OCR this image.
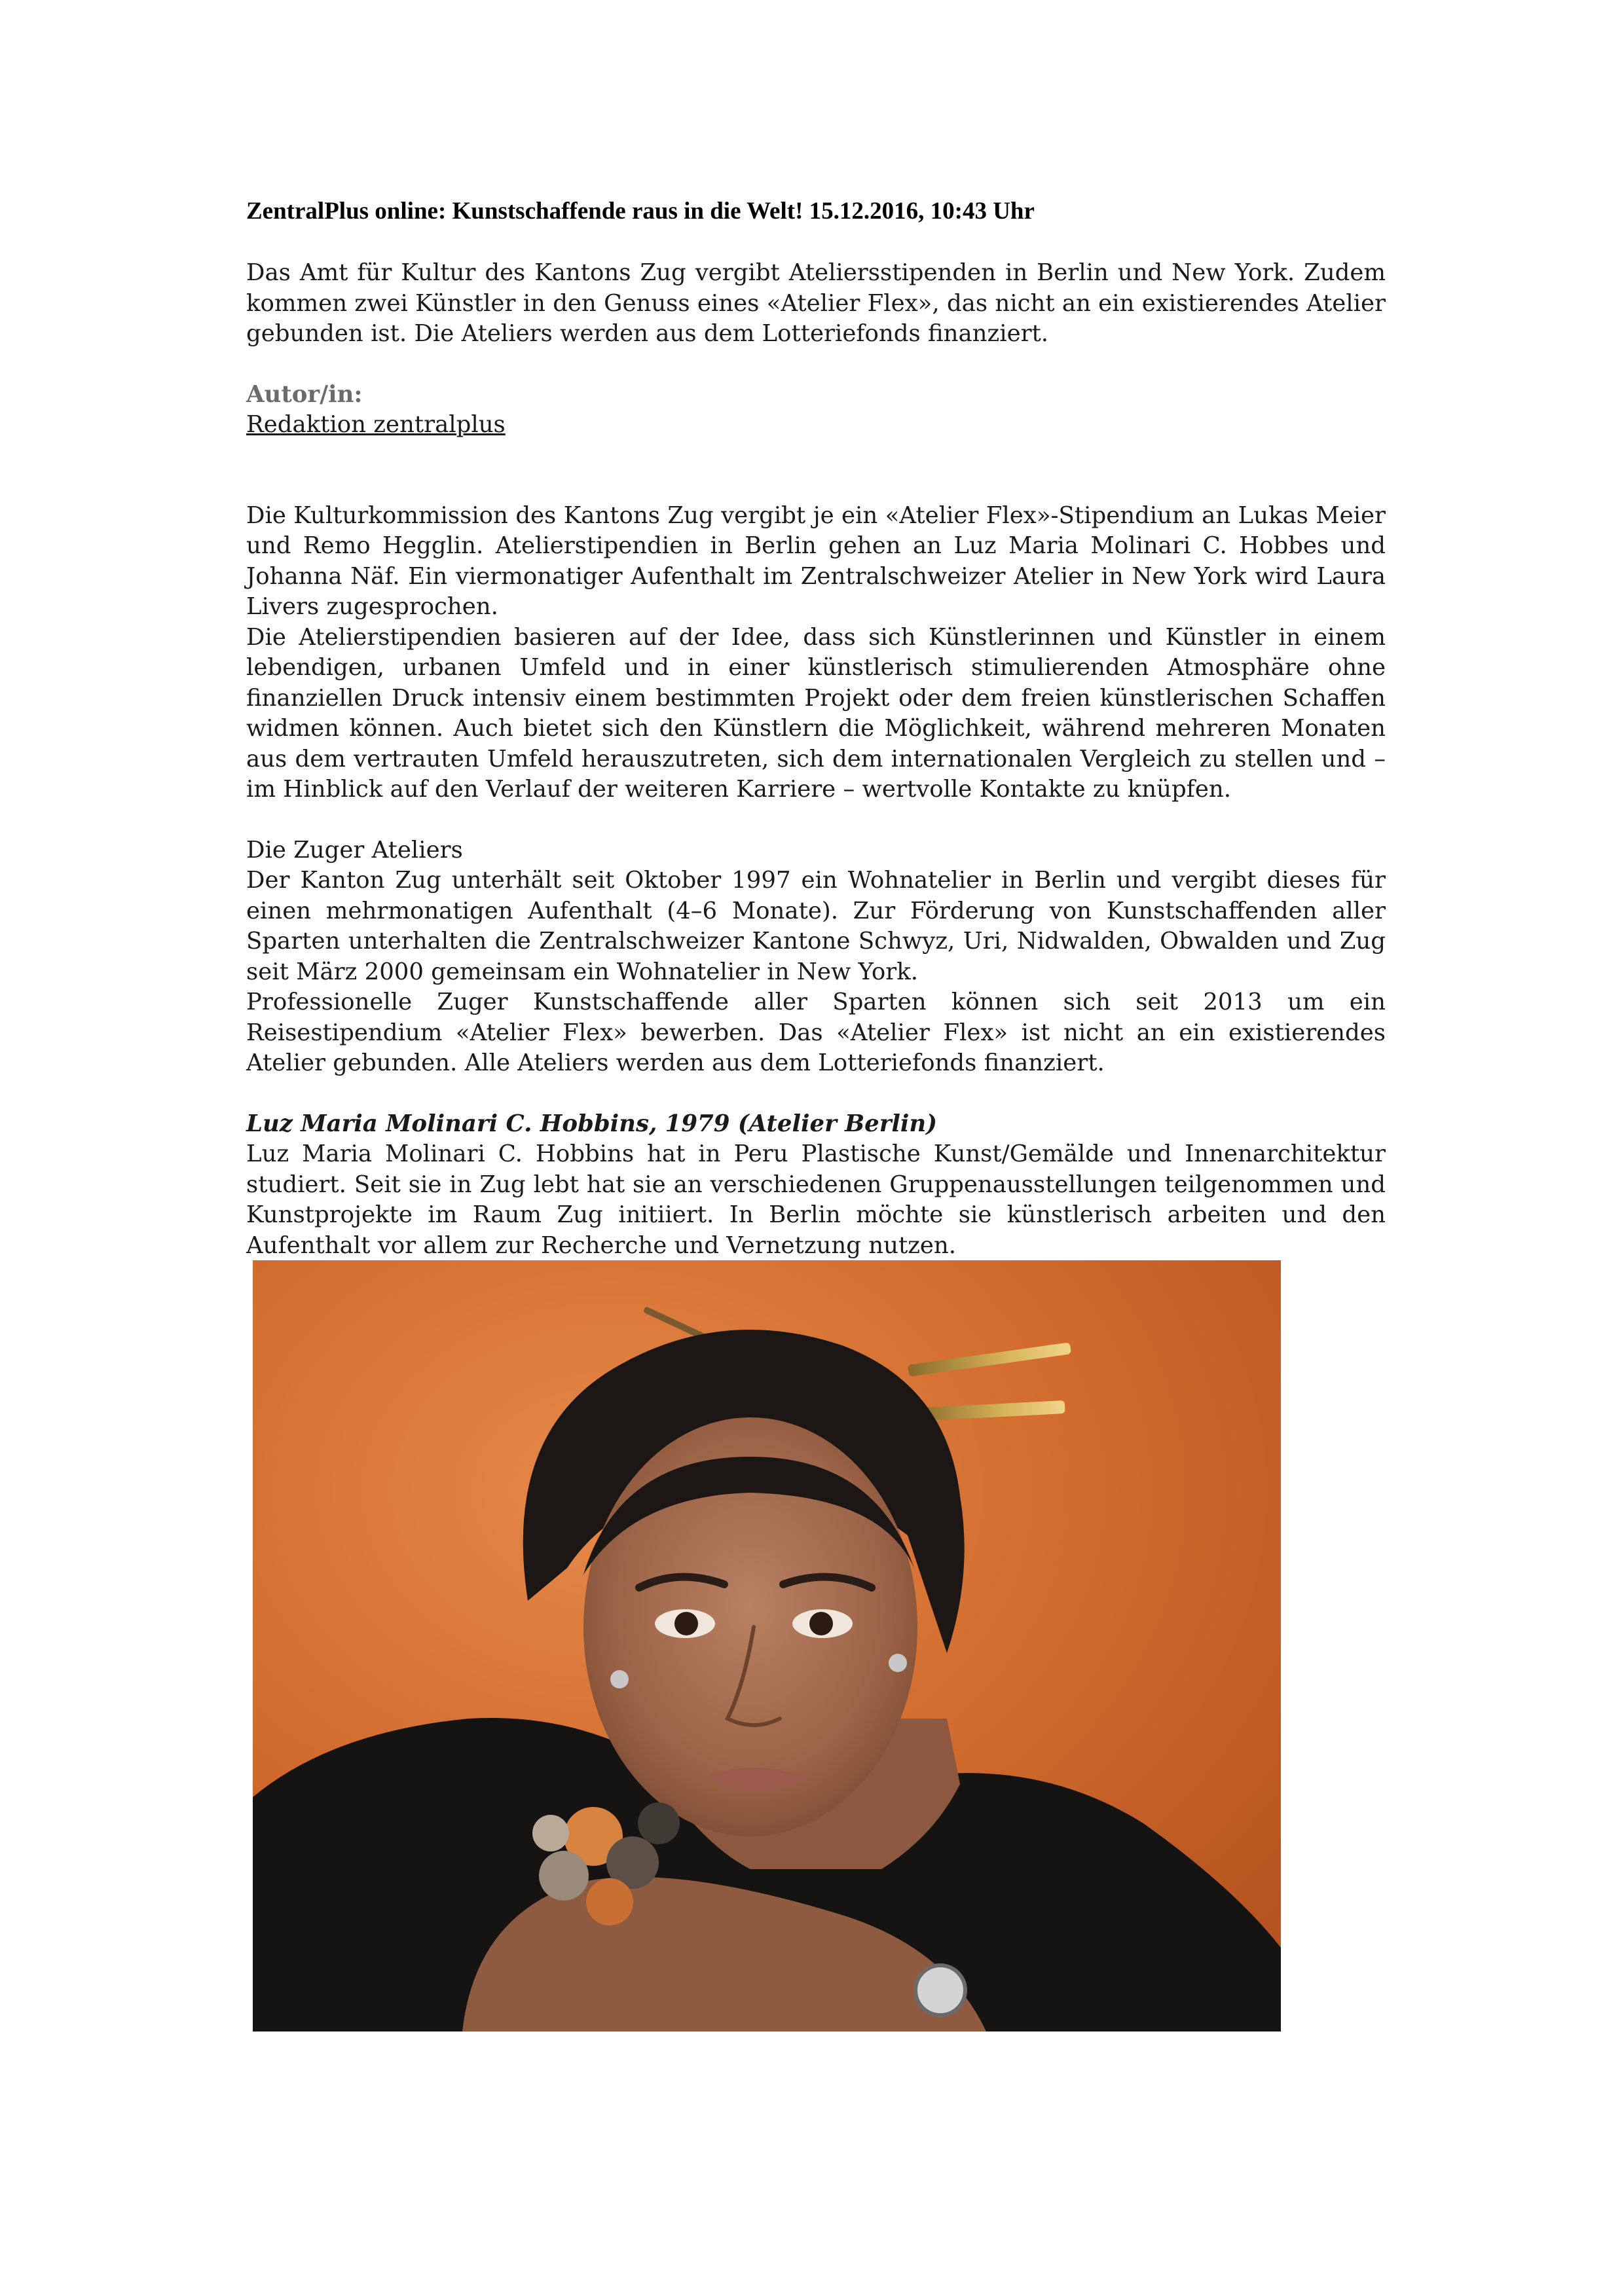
ZentralPlus online: Kunstschaffende raus in die Welt! 15.12.2016, 10:43 Uhr

Das Amt für Kultur des Kantons Zug vergibt Ateliersstipenden in Berlin und New York. Zudem kommen zwei Künstler in den Genuss eines «Atelier Flex», das nicht an ein existierendes Atelier gebunden ist. Die Ateliers werden aus dem Lotteriefonds finanziert.

Autor/in:
Redaktion zentralplus

Die Kulturkommission des Kantons Zug vergibt je ein «Atelier Flex»-Stipendium an Lukas Meier und Remo Hegglin. Atelierstipendien in Berlin gehen an Luz Maria Molinari C. Hobbes und Johanna Näf. Ein viermonatiger Aufenthalt im Zentralschweizer Atelier in New York wird Laura Livers zugesprochen.

Die Atelierstipendien basieren auf der Idee, dass sich Künstlerinnen und Künstler in einem lebendigen, urbanen Umfeld und in einer künstlerisch stimulierenden Atmosphäre ohne finanziellen Druck intensiv einem bestimmten Projekt oder dem freien künstlerischen Schaffen widmen können. Auch bietet sich den Künstlern die Möglichkeit, während mehreren Monaten aus dem vertrauten Umfeld herauszutreten, sich dem internationalen Vergleich zu stellen und – im Hinblick auf den Verlauf der weiteren Karriere – wertvolle Kontakte zu knüpfen.

Die Zuger Ateliers

Der Kanton Zug unterhält seit Oktober 1997 ein Wohnatelier in Berlin und vergibt dieses für einen mehrmonatigen Aufenthalt (4–6 Monate). Zur Förderung von Kunstschaffenden aller Sparten unterhalten die Zentralschweizer Kantone Schwyz, Uri, Nidwalden, Obwalden und Zug seit März 2000 gemeinsam ein Wohnatelier in New York.

Professionelle Zuger Kunstschaffende aller Sparten können sich seit 2013 um ein Reisestipendium «Atelier Flex» bewerben. Das «Atelier Flex» ist nicht an ein existierendes Atelier gebunden. Alle Ateliers werden aus dem Lotteriefonds finanziert.

Luz Maria Molinari C. Hobbins, 1979 (Atelier Berlin)

Luz Maria Molinari C. Hobbins hat in Peru Plastische Kunst/Gemälde und Innenarchitektur studiert. Seit sie in Zug lebt hat sie an verschiedenen Gruppenausstellungen teilgenommen und Kunstprojekte im Raum Zug initiiert. In Berlin möchte sie künstlerisch arbeiten und den Aufenthalt vor allem zur Recherche und Vernetzung nutzen.
